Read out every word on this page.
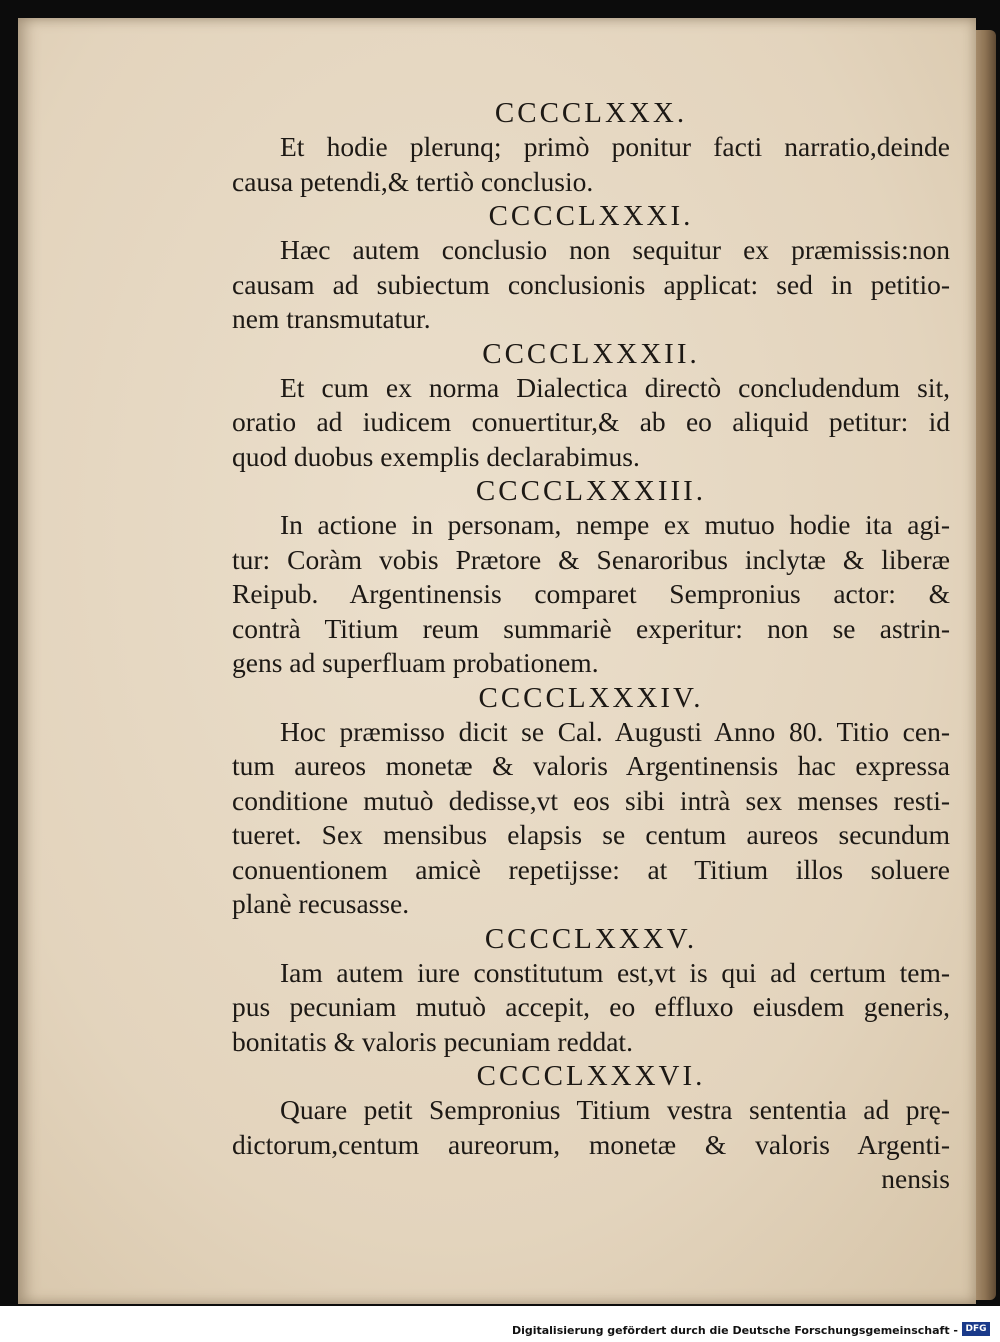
CCCCLXXX.

Et hodie plerunq; primò ponitur facti narratio,deinde
causa petendi,& tertiò conclusio.

CCCCLXXXI.

Hæc autem conclusio non sequitur ex præmissis:non
causam ad subiectum conclusionis applicat: sed in petitio-
nem transmutatur.

CCCCLXXXII.

Et cum ex norma Dialectica directò concludendum sit,
oratio ad iudicem conuertitur,& ab eo aliquid petitur: id
quod duobus exemplis declarabimus.

CCCCLXXXIII.

In actione in personam, nempe ex mutuo hodie ita agi-
tur: Coràm vobis Prætore & Senaroribus inclytæ & liberæ
Reipub. Argentinensis comparet Sempronius actor: &
contrà Titium reum summariè experitur: non se astrin-
gens ad superfluam probationem.

CCCCLXXXIV.

Hoc præmisso dicit se Cal. Augusti Anno 80. Titio cen-
tum aureos monetæ & valoris Argentinensis hac expressa
conditione mutuò dedisse,vt eos sibi intrà sex menses resti-
tueret. Sex mensibus elapsis se centum aureos secundum
conuentionem amicè repetijsse: at Titium illos soluere
planè recusasse.

CCCCLXXXV.

Iam autem iure constitutum est,vt is qui ad certum tem-
pus pecuniam mutuò accepit, eo effluxo eiusdem generis,
bonitatis & valoris pecuniam reddat.

CCCCLXXXVI.

Quare petit Sempronius Titium vestra sententia ad prę-
dictorum,centum aureorum, monetæ & valoris Argenti-
nensis

Digitalisierung gefördert durch die Deutsche Forschungsgemeinschaft - DFG
